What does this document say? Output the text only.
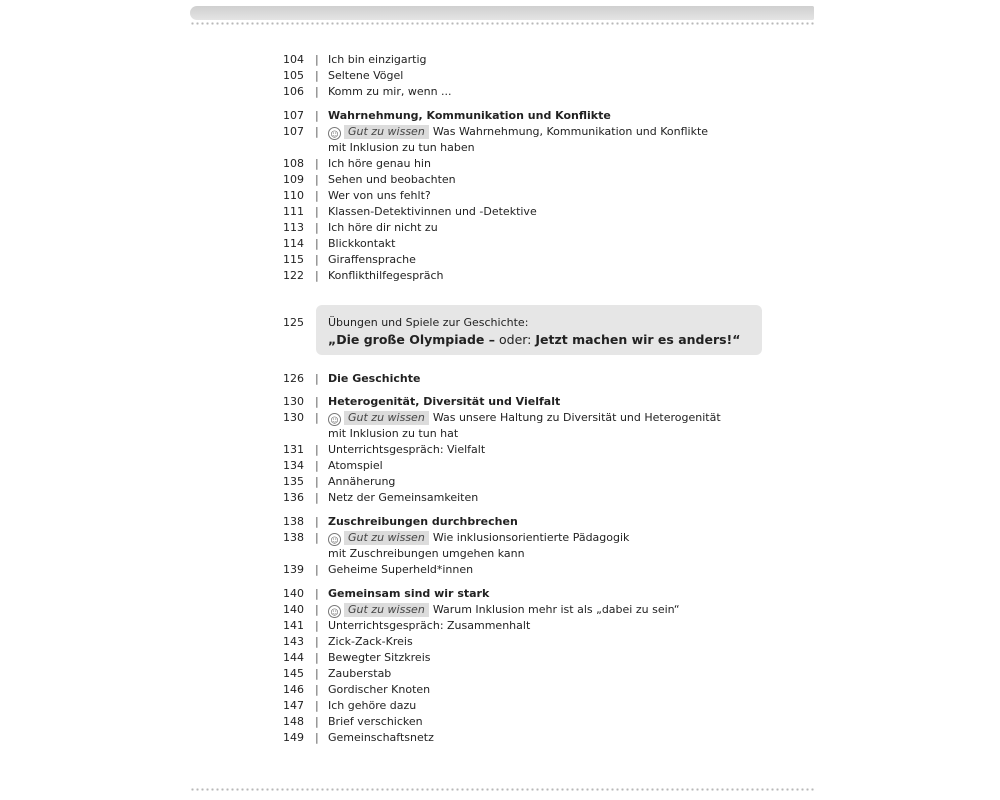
104 | Ich bin einzigartig
105 | Seltene Vögel
106 | Komm zu mir, wenn ...
107 | Wahrnehmung, Kommunikation und Konflikte
107 | ☺ Gut zu wissen Was Wahrnehmung, Kommunikation und Konflikte
mit Inklusion zu tun haben
108 | Ich höre genau hin
109 | Sehen und beobachten
110 | Wer von uns fehlt?
111 | Klassen-Detektivinnen und -Detektive
113 | Ich höre dir nicht zu
114 | Blickkontakt
115 | Giraffensprache
122 | Konflikthilfegespräch
126 | Die Geschichte
130 | Heterogenität, Diversität und Vielfalt
130 | ☺ Gut zu wissen Was unsere Haltung zu Diversität und Heterogenität
mit Inklusion zu tun hat
131 | Unterrichtsgespräch: Vielfalt
134 | Atomspiel
135 | Annäherung
136 | Netz der Gemeinsamkeiten
138 | Zuschreibungen durchbrechen
138 | ☺ Gut zu wissen Wie inklusionsorientierte Pädagogik
mit Zuschreibungen umgehen kann
139 | Geheime Superheld*innen
140 | Gemeinsam sind wir stark
140 | ☺ Gut zu wissen Warum Inklusion mehr ist als „dabei zu sein“
141 | Unterrichtsgespräch: Zusammenhalt
143 | Zick-Zack-Kreis
144 | Bewegter Sitzkreis
145 | Zauberstab
146 | Gordischer Knoten
147 | Ich gehöre dazu
148 | Brief verschicken
149 | Gemeinschaftsnetz
125 Übungen und Spiele zur Geschichte:
„Die große Olympiade – oder: Jetzt machen wir es anders!“
